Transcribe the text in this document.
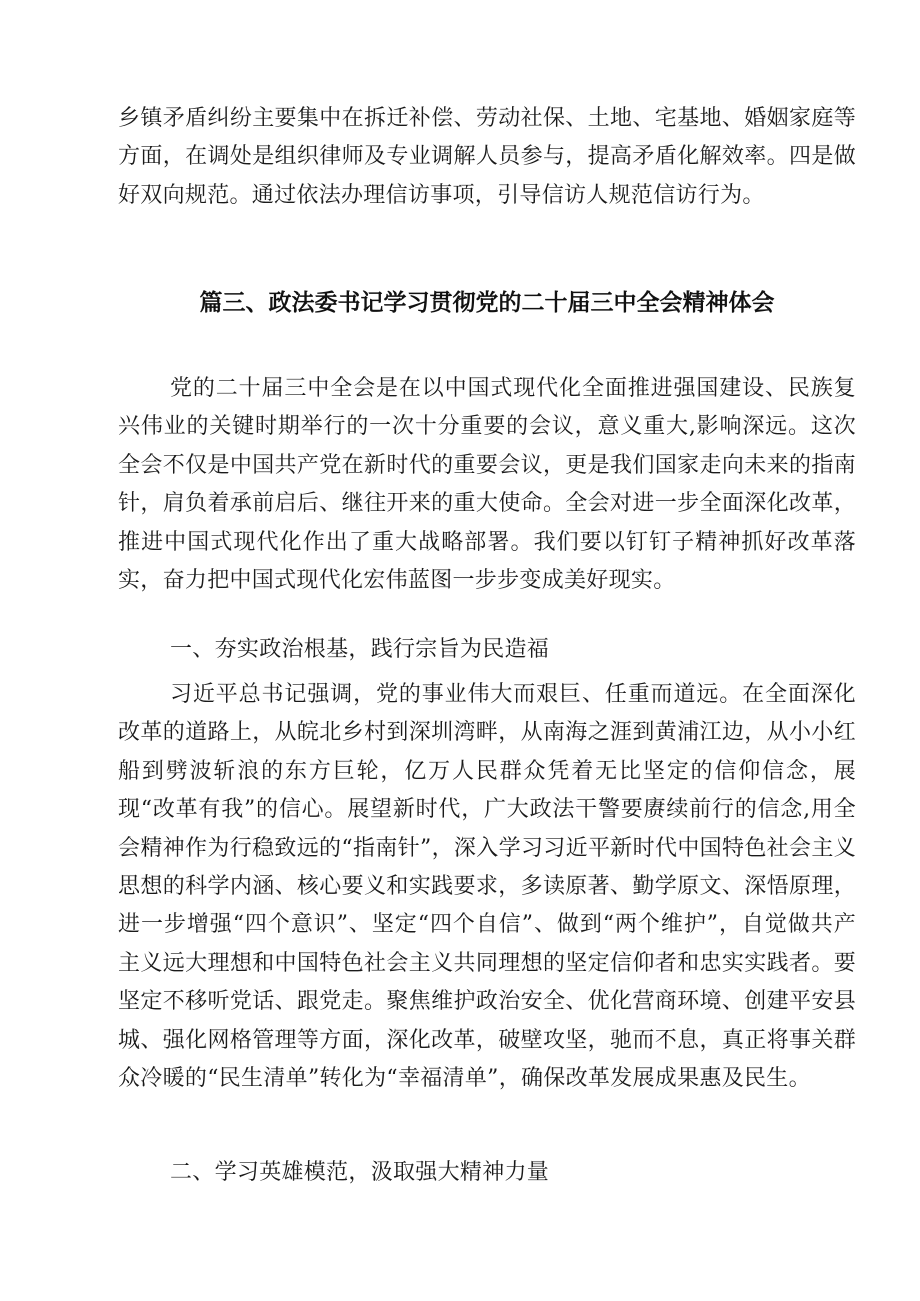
乡镇矛盾纠纷主要集中在拆迁补偿、劳动社保、土地、宅基地、婚姻家庭等方面，在调处是组织律师及专业调解人员参与，提高矛盾化解效率。四是做好双向规范。通过依法办理信访事项，引导信访人规范信访行为。

篇三、政法委书记学习贯彻党的二十届三中全会精神体会

党的二十届三中全会是在以中国式现代化全面推进强国建设、民族复兴伟业的关键时期举行的一次十分重要的会议，意义重大,影响深远。这次全会不仅是中国共产党在新时代的重要会议，更是我们国家走向未来的指南针，肩负着承前启后、继往开来的重大使命。全会对进一步全面深化改革，推进中国式现代化作出了重大战略部署。我们要以钉钉子精神抓好改革落实，奋力把中国式现代化宏伟蓝图一步步变成美好现实。

一、夯实政治根基，践行宗旨为民造福

习近平总书记强调，党的事业伟大而艰巨、任重而道远。在全面深化改革的道路上，从皖北乡村到深圳湾畔，从南海之涯到黄浦江边，从小小红船到劈波斩浪的东方巨轮，亿万人民群众凭着无比坚定的信仰信念，展现“改革有我”的信心。展望新时代，广大政法干警要赓续前行的信念,用全会精神作为行稳致远的“指南针”，深入学习习近平新时代中国特色社会主义思想的科学内涵、核心要义和实践要求，多读原著、勤学原文、深悟原理，进一步增强“四个意识”、坚定“四个自信”、做到“两个维护”，自觉做共产主义远大理想和中国特色社会主义共同理想的坚定信仰者和忠实实践者。要坚定不移听党话、跟党走。聚焦维护政治安全、优化营商环境、创建平安县城、强化网格管理等方面，深化改革，破壁攻坚，驰而不息，真正将事关群众冷暖的“民生清单”转化为“幸福清单”，确保改革发展成果惠及民生。

二、学习英雄模范，汲取强大精神力量
